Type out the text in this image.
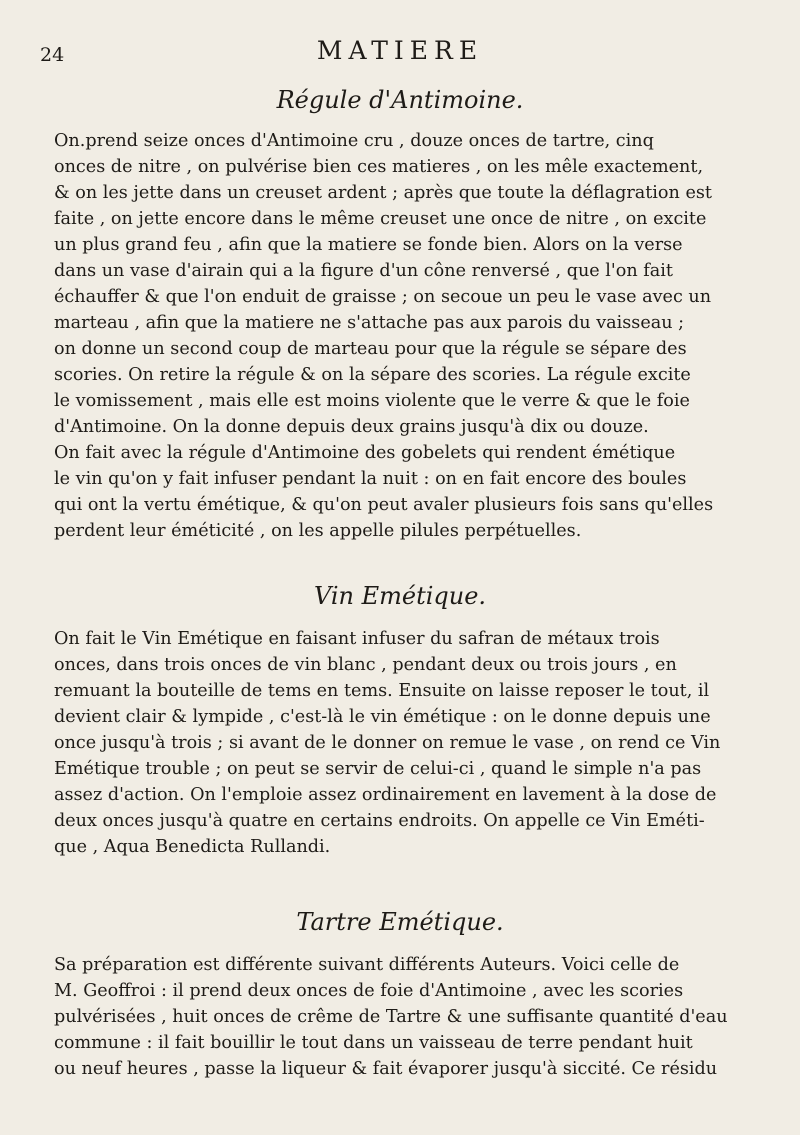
24	MATIERE
Régule d'Antimoine.
On.prend seize onces d'Antimoine cru , douze onces de tartre, cinq
onces de nitre , on pulvérise bien ces matieres , on les mêle exactement,
& on les jette dans un creuset ardent ; après que toute la déflagration est
faite , on jette encore dans le même creuset une once de nitre , on excite
un plus grand feu , afin que la matiere se fonde bien. Alors on la verse
dans un vase d'airain qui a la figure d'un cône renversé , que l'on fait
échauffer & que l'on enduit de graisse ; on secoue un peu le vase avec un
marteau , afin que la matiere ne s'attache pas aux parois du vaisseau ;
on donne un second coup de marteau pour que la régule se sépare des
scories. On retire la régule & on la sépare des scories. La régule excite
le vomissement , mais elle est moins violente que le verre & que le foie
d'Antimoine. On la donne depuis deux grains jusqu'à dix ou douze.
On fait avec la régule d'Antimoine des gobelets qui rendent émétique
le vin qu'on y fait infuser pendant la nuit : on en fait encore des boules
qui ont la vertu émétique, & qu'on peut avaler plusieurs fois sans qu'elles
perdent leur éméticité , on les appelle pilules perpétuelles.
Vin Emétique.
On fait le Vin Emétique en faisant infuser du safran de métaux trois
onces, dans trois onces de vin blanc , pendant deux ou trois jours , en
remuant la bouteille de tems en tems. Ensuite on laisse reposer le tout, il
devient clair & lympide , c'est-là le vin émétique : on le donne depuis une
once jusqu'à trois ; si avant de le donner on remue le vase , on rend ce Vin
Emétique trouble ; on peut se servir de celui-ci , quand le simple n'a pas
assez d'action. On l'emploie assez ordinairement en lavement à la dose de
deux onces jusqu'à quatre en certains endroits. On appelle ce Vin Eméti-
que , Aqua Benedicta Rullandi.
Tartre Emétique.
Sa préparation est différente suivant différents Auteurs. Voici celle de
M. Geoffroi : il prend deux onces de foie d'Antimoine , avec les scories
pulvérisées , huit onces de crême de Tartre & une suffisante quantité d'eau
commune : il fait bouillir le tout dans un vaisseau de terre pendant huit
ou neuf heures , passe la liqueur & fait évaporer jusqu'à siccité. Ce résidu
